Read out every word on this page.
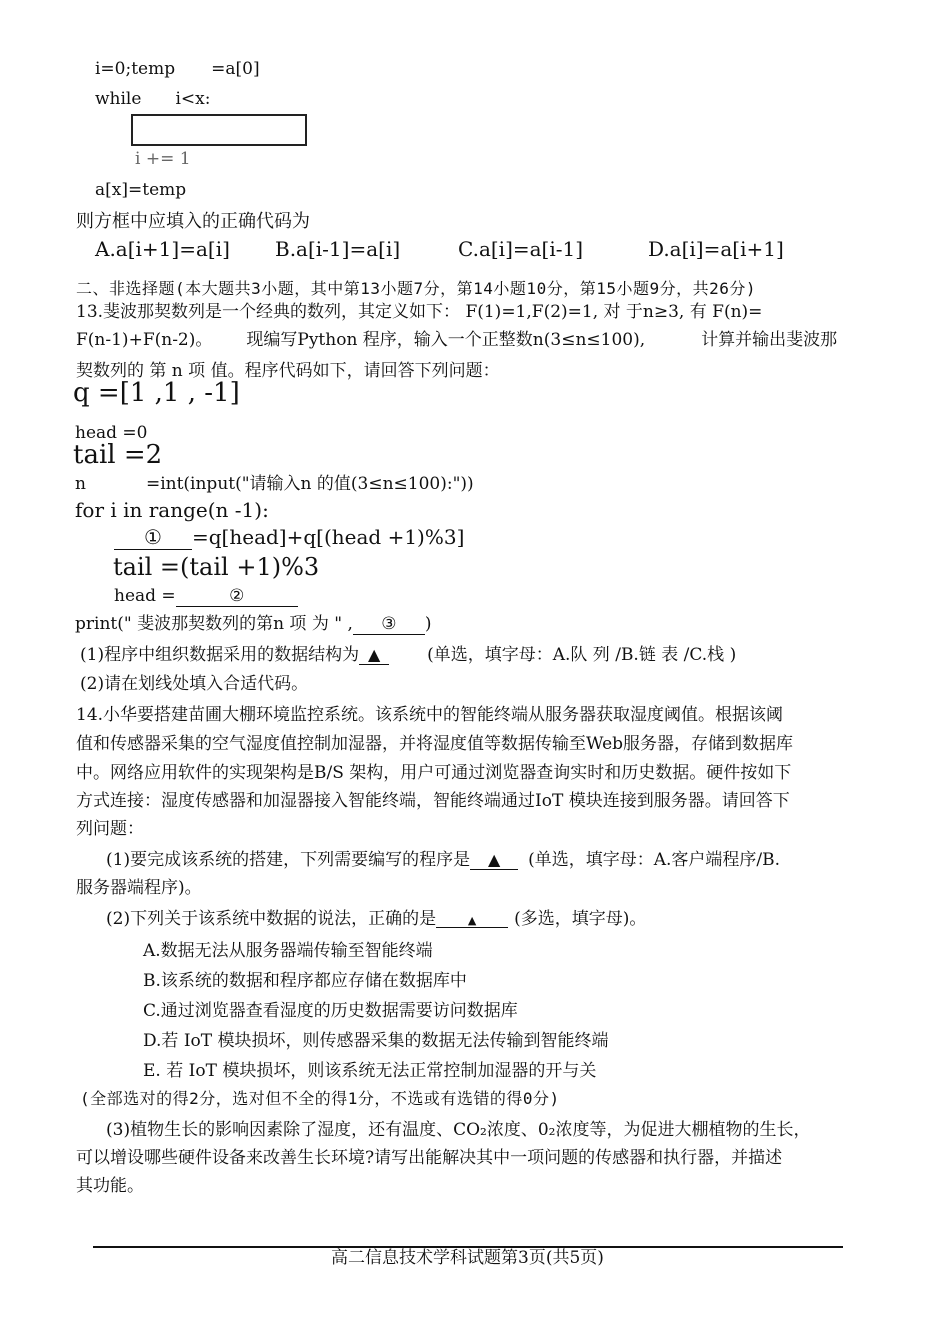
i=0;temp =a[0]
while i<x:
i += 1
a[x]=temp
则方框中应填入的正确代码为
A.a[i+1]=a[i] B.a[i-1]=a[i]	C.a[i]=a[i-1]	D.a[i]=a[i+1]
二、非选择题(本大题共3小题，其中第13小题7分，第14小题10分，第15小题9分，共26分)
13.斐波那契数列是一个经典的数列，其定义如下： F(1)=1,F(2)=1, 对 于n≥3, 有 F(n)=
F(n-1)+F(n-2)。 现编写Python 程序，输入一个正整数n(3≤n≤100),	计算并输出斐波那
契数列的 第 n 项 值。程序代码如下，请回答下列问题：
q =[1 ,1 , -1]
head =0
tail =2
n	=int(input("请输入n 的值(3≤n≤100):"))
for i in range(n -1):
① =q[head]+q[(head +1)%3]
tail =(tail +1)%3
head =	②
print(" 斐波那契数列的第n 项 为 " , ③ )
(1)程序中组织数据采用的数据结构为 ▲	(单选，填字母：A.队 列 /B.链 表 /C.栈 )
(2)请在划线处填入合适代码。
14.小华要搭建苗圃大棚环境监控系统。该系统中的智能终端从服务器获取湿度阈值。根据该阈
值和传感器采集的空气湿度值控制加湿器，并将湿度值等数据传输至Web服务器，存储到数据库
中。网络应用软件的实现架构是B/S 架构，用户可通过浏览器查询实时和历史数据。硬件按如下
方式连接：湿度传感器和加湿器接入智能终端，智能终端通过IoT 模块连接到服务器。请回答下
列问题：
(1)要完成该系统的搭建，下列需要编写的程序是 ▲ (单选，填字母：A.客户端程序/B.
服务器端程序)。
(2)下列关于该系统中数据的说法，正确的是	▲ (多选，填字母)。
A.数据无法从服务器端传输至智能终端
B.该系统的数据和程序都应存储在数据库中
C.通过浏览器查看湿度的历史数据需要访问数据库
D.若 IoT 模块损坏，则传感器采集的数据无法传输到智能终端
E. 若 IoT 模块损坏，则该系统无法正常控制加湿器的开与关
(全部选对的得2分，选对但不全的得1分，不选或有选错的得0分)
(3)植物生长的影响因素除了湿度，还有温度、CO₂浓度、0₂浓度等，为促进大棚植物的生长，
可以增设哪些硬件设备来改善生长环境?请写出能解决其中一项问题的传感器和执行器，并描述
其功能。
高二信息技术学科试题第3页(共5页)
